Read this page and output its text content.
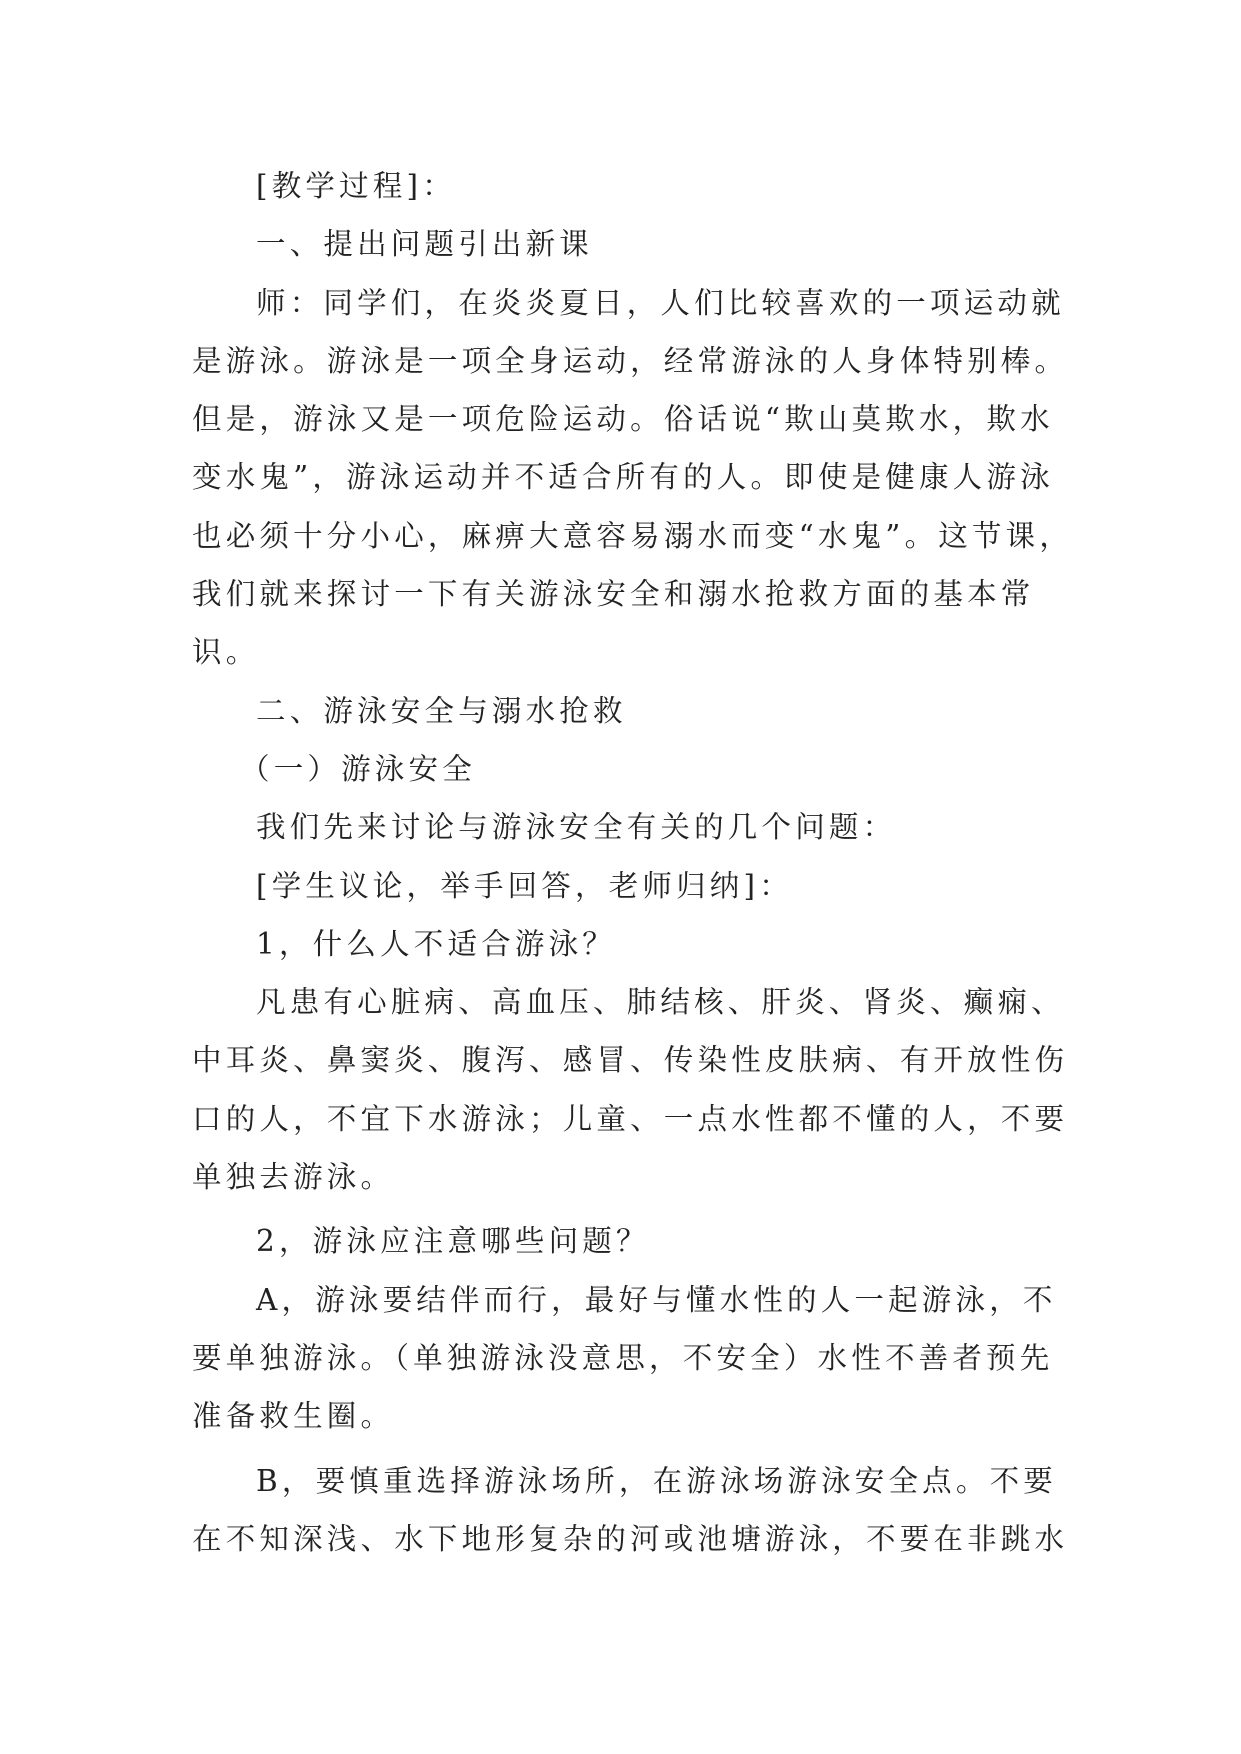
[教学过程]：

一、提出问题引出新课

师：同学们，在炎炎夏日，人们比较喜欢的一项运动就是游泳。游泳是一项全身运动，经常游泳的人身体特别棒。但是，游泳又是一项危险运动。俗话说“欺山莫欺水，欺水变水鬼”，游泳运动并不适合所有的人。即使是健康人游泳也必须十分小心，麻痹大意容易溺水而变“水鬼”。这节课，我们就来探讨一下有关游泳安全和溺水抢救方面的基本常识。

二、游泳安全与溺水抢救

（一）游泳安全

我们先来讨论与游泳安全有关的几个问题：

[学生议论，举手回答，老师归纳]：

1，什么人不适合游泳？

凡患有心脏病、高血压、肺结核、肝炎、肾炎、癫痫、中耳炎、鼻窦炎、腹泻、感冒、传染性皮肤病、有开放性伤口的人，不宜下水游泳；儿童、一点水性都不懂的人，不要单独去游泳。

2，游泳应注意哪些问题？

A，游泳要结伴而行，最好与懂水性的人一起游泳，不要单独游泳。（单独游泳没意思，不安全）水性不善者预先准备救生圈。

B，要慎重选择游泳场所，在游泳场游泳安全点。不要在不知深浅、水下地形复杂的河或池塘游泳，不要在非跳水
